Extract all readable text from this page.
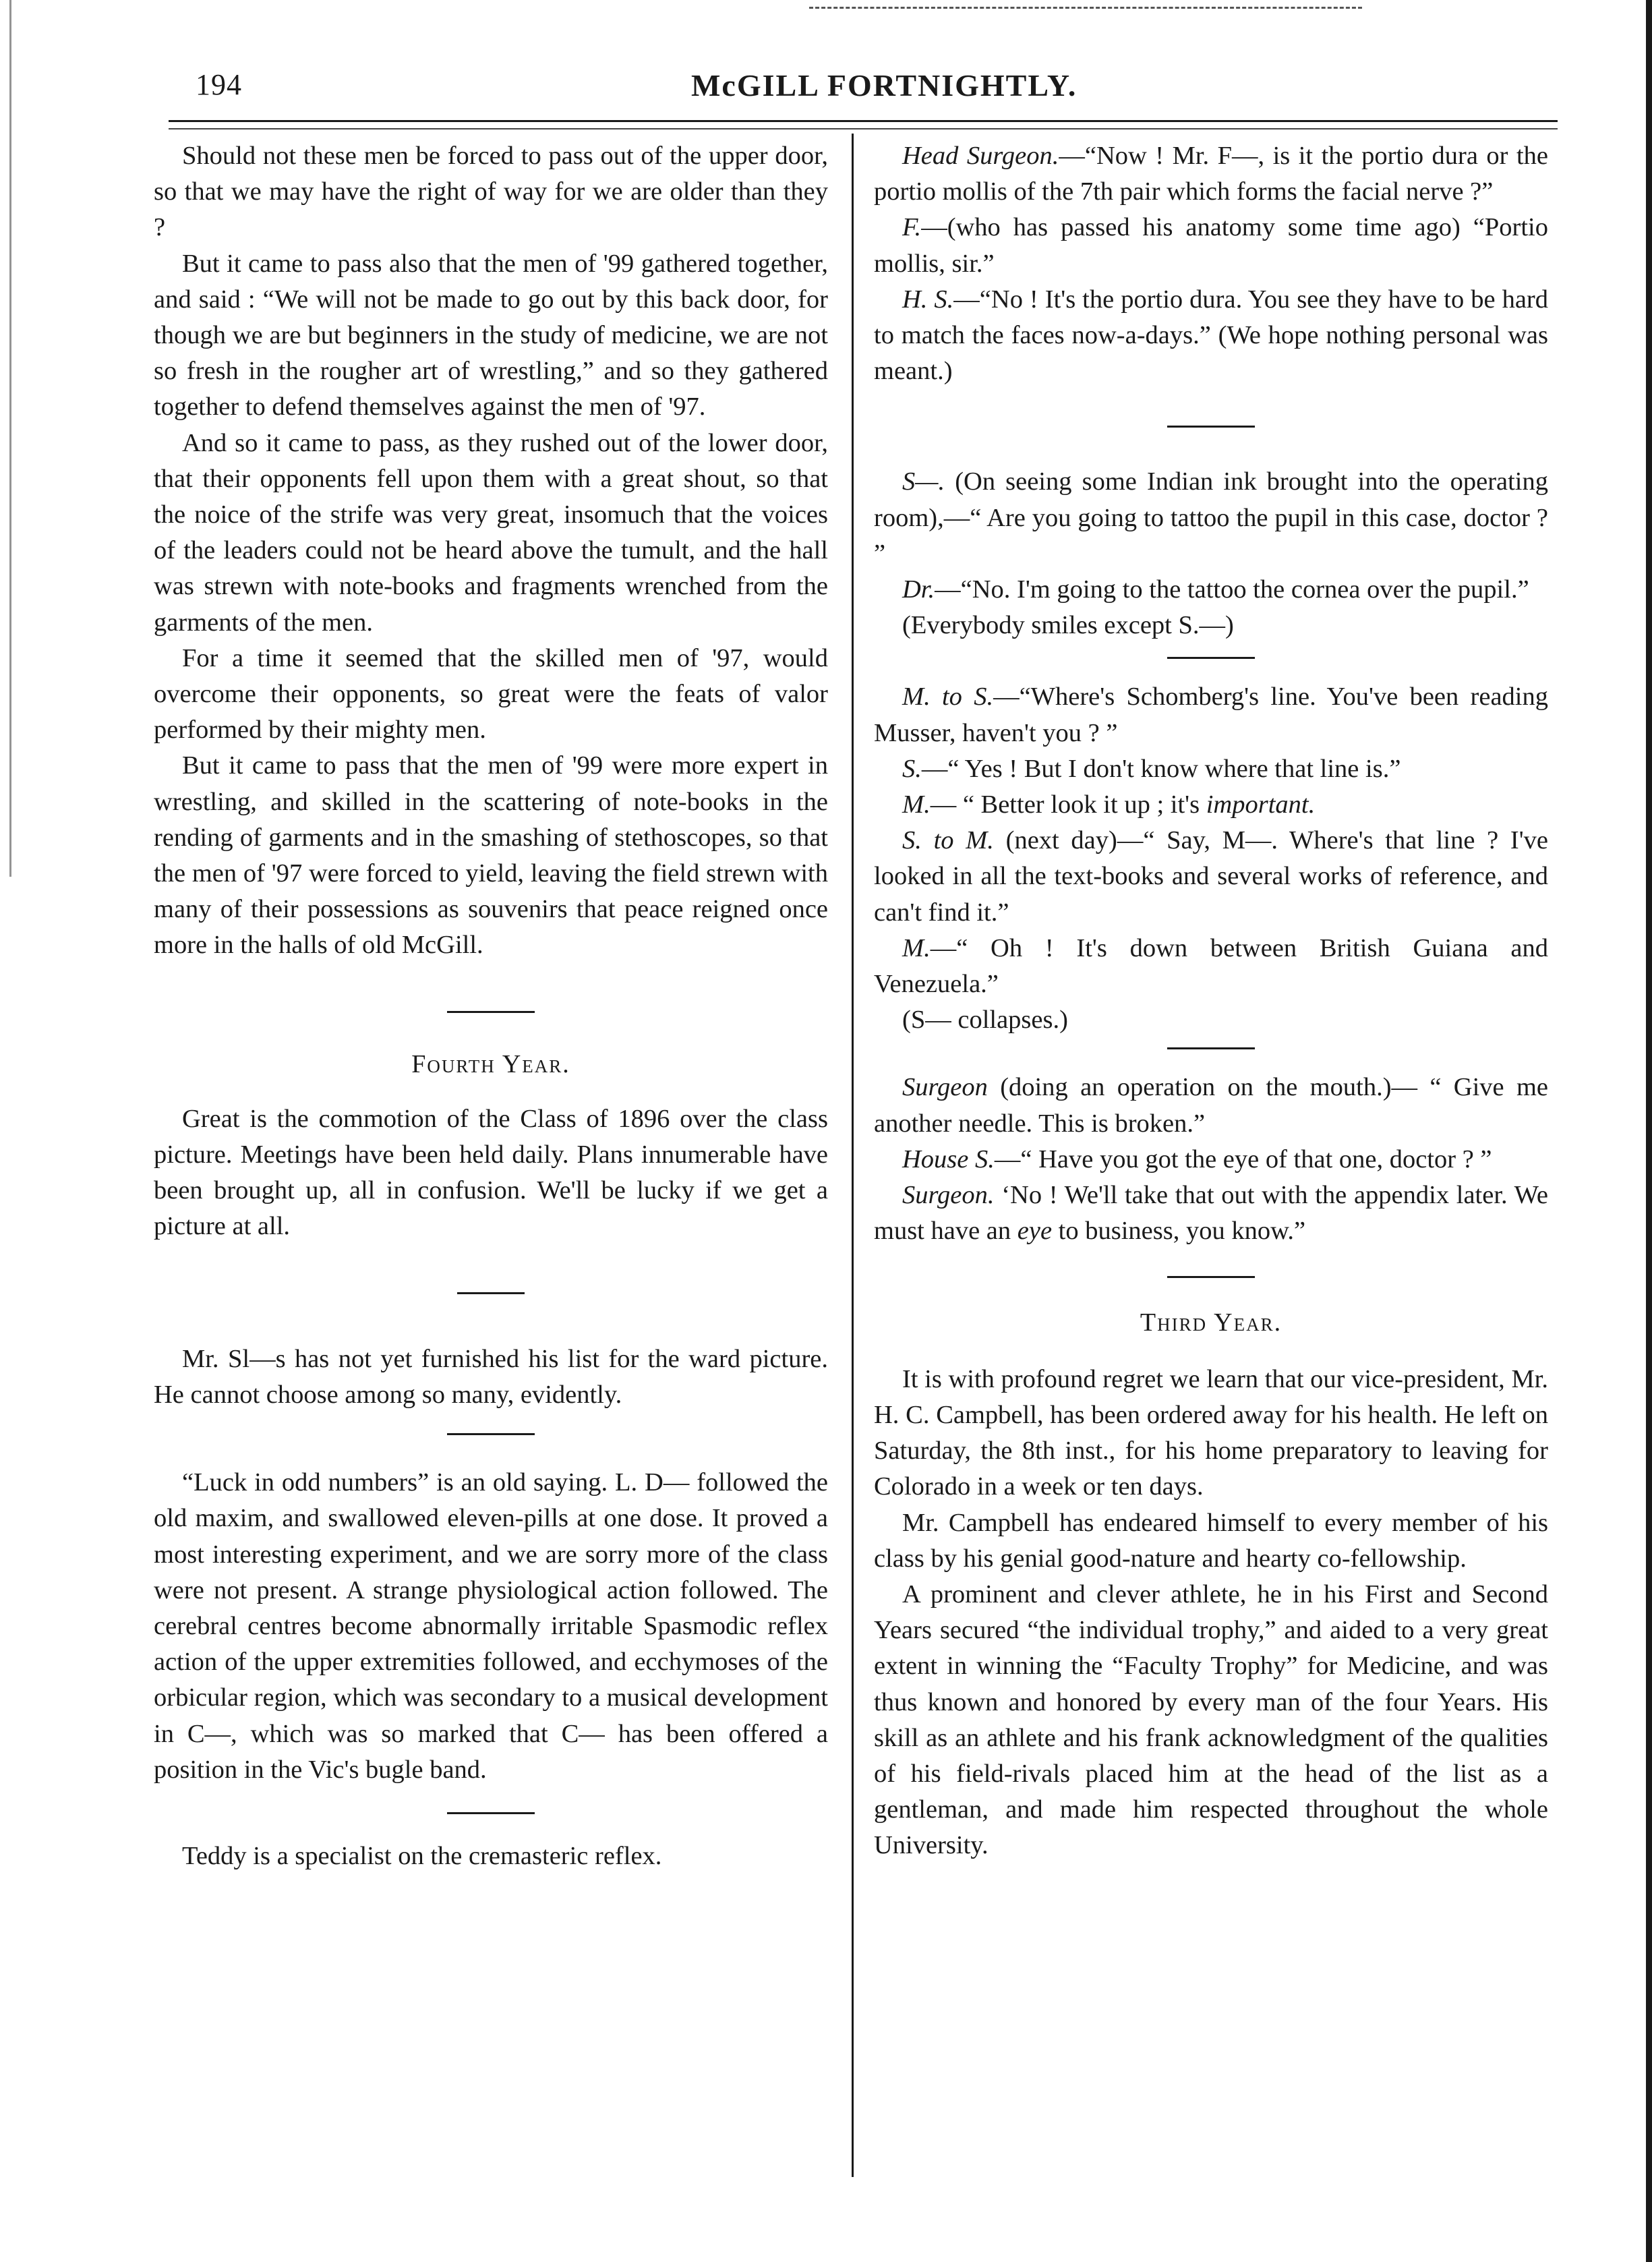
194	McGILL FORTNIGHTLY.

Should not these men be forced to pass out of the upper door, so that we may have the right of way for we are older than they ?

But it came to pass also that the men of '99 gathered together, and said : “We will not be made to go out by this back door, for though we are but beginners in the study of medicine, we are not so fresh in the rougher art of wrestling,” and so they gathered together to defend themselves against the men of '97.

And so it came to pass, as they rushed out of the lower door, that their opponents fell upon them with a great shout, so that the noice of the strife was very great, insomuch that the voices of the leaders could not be heard above the tumult, and the hall was strewn with note-books and fragments wrenched from the garments of the men.

For a time it seemed that the skilled men of '97, would overcome their opponents, so great were the feats of valor performed by their mighty men.

But it came to pass that the men of '99 were more expert in wrestling, and skilled in the scattering of note-books in the rending of garments and in the smashing of stethoscopes, so that the men of '97 were forced to yield, leaving the field strewn with many of their possessions as souvenirs that peace reigned once more in the halls of old McGill.

Fourth Year.

Great is the commotion of the Class of 1896 over the class picture. Meetings have been held daily. Plans innumerable have been brought up, all in confusion. We'll be lucky if we get a picture at all.

Mr. Sl—s has not yet furnished his list for the ward picture. He cannot choose among so many, evidently.

“Luck in odd numbers” is an old saying. L. D— followed the old maxim, and swallowed eleven-pills at one dose. It proved a most interesting experiment, and we are sorry more of the class were not present. A strange physiological action followed. The cerebral centres become abnormally irritable Spasmodic reflex action of the upper extremities followed, and ecchymoses of the orbicular region, which was secondary to a musical development in C—, which was so marked that C— has been offered a position in the Vic's bugle band.

Teddy is a specialist on the cremasteric reflex.

Head Surgeon.—“Now ! Mr. F—, is it the portio dura or the portio mollis of the 7th pair which forms the facial nerve ?”

F.—(who has passed his anatomy some time ago) “Portio mollis, sir.”

H. S.—“No ! It's the portio dura. You see they have to be hard to match the faces now-a-days.” (We hope nothing personal was meant.)

S—. (On seeing some Indian ink brought into the operating room),—“ Are you going to tattoo the pupil in this case, doctor ? ”

Dr.—“No. I'm going to the tattoo the cornea over the pupil.”

(Everybody smiles except S.—)

M. to S.—“Where's Schomberg's line. You've been reading Musser, haven't you ? ”

S.—“ Yes ! But I don't know where that line is.”

M.— “ Better look it up ; it's important.

S. to M. (next day)—“ Say, M—. Where's that line ? I've looked in all the text-books and several works of reference, and can't find it.”

M.—“ Oh ! It's down between British Guiana and Venezuela.”

(S— collapses.)

Surgeon (doing an operation on the mouth.)— “ Give me another needle. This is broken.”

House S.—“ Have you got the eye of that one, doctor ? ”

Surgeon. ‘No ! We'll take that out with the appendix later. We must have an eye to business, you know.”

Third Year.

It is with profound regret we learn that our vice-president, Mr. H. C. Campbell, has been ordered away for his health. He left on Saturday, the 8th inst., for his home preparatory to leaving for Colorado in a week or ten days.

Mr. Campbell has endeared himself to every member of his class by his genial good-nature and hearty co-fellowship.

A prominent and clever athlete, he in his First and Second Years secured “the individual trophy,” and aided to a very great extent in winning the “Faculty Trophy” for Medicine, and was thus known and honored by every man of the four Years. His skill as an athlete and his frank acknowledgment of the qualities of his field-rivals placed him at the head of the list as a gentleman, and made him respected throughout the whole University.
